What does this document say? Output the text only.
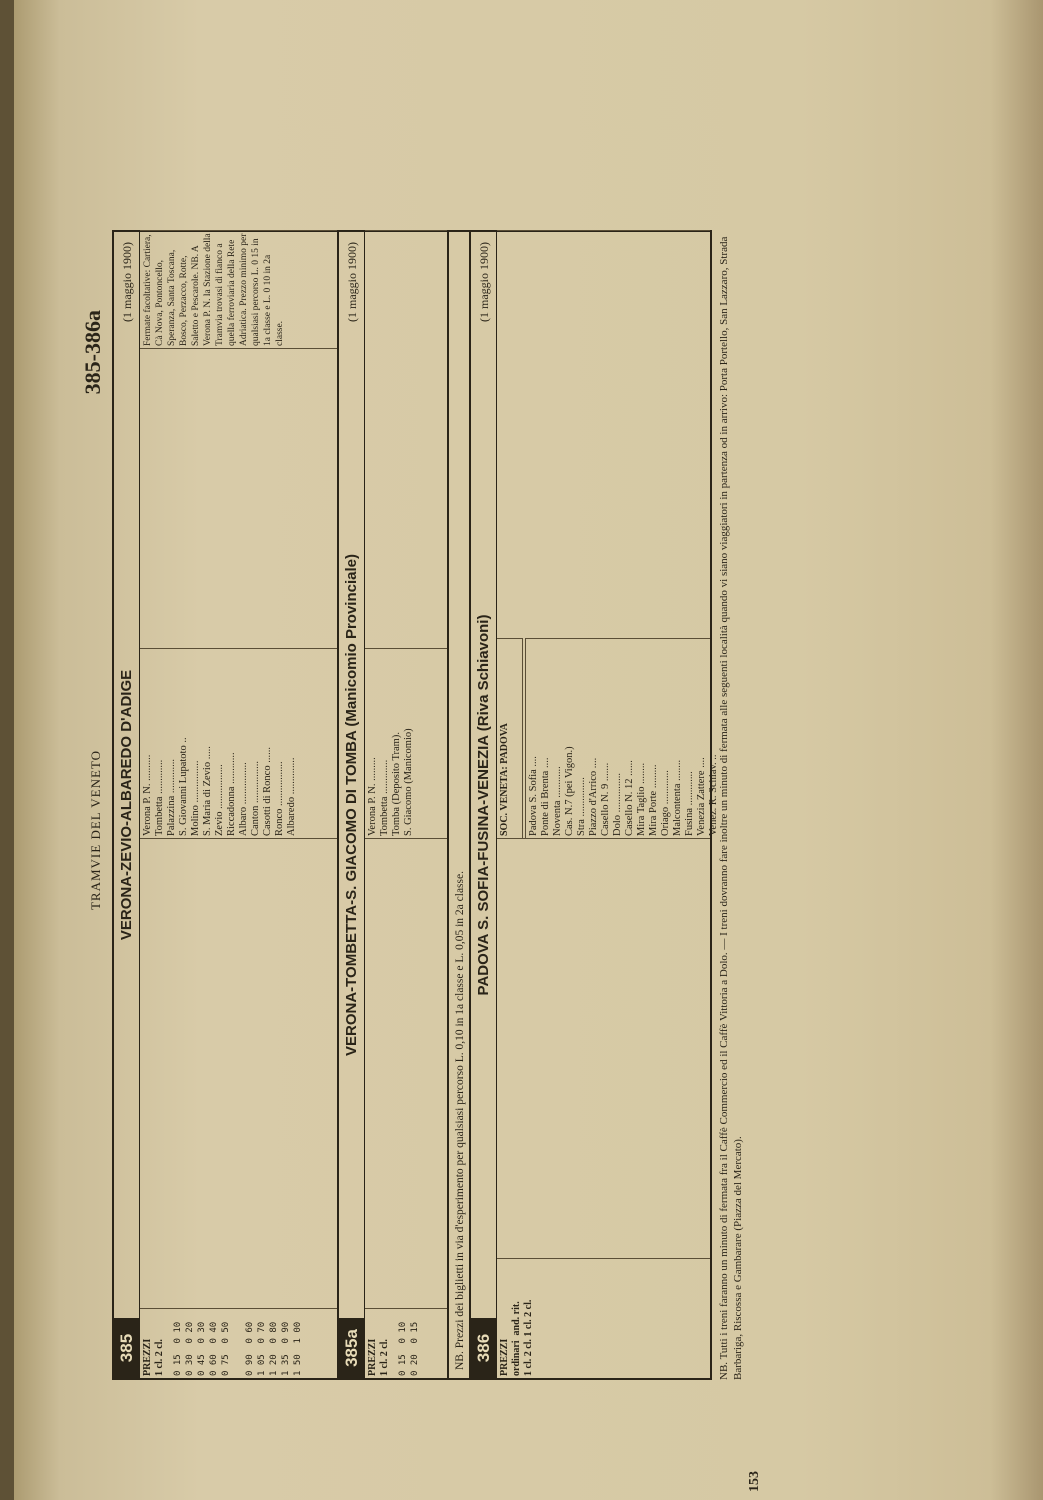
TRAMVIE DEL VENETO
385-386a
153
385
VERONA-ZEVIO-ALBAREDO D'ADIGE
(1 maggio 1900)
PREZZI
1 cl. 2 cl.
0 15  0 10
0 30  0 20
0 45  0 30
0 60  0 40
0 75  0 50

0 90  0 60
1 05  0 70
1 20  0 80
1 35  0 90
1 50  1 00
Verona P. N. ..........
Tombetta .............
Palazzina .............
S. Giovanni Lupatoto ..
Molino ................
S. Maria di Zevio .....
Zevio .................
Riccadonna ............
Albaro ................
Canton ................
Casotti di Ronco ......
Ronco .................
Albaredo ..............
Fermate facoltative: Cartiera, Cà Nova, Pontoncello, Speranza, Santa Toscana, Bosco, Perzacco, Rotte, Saletto e Pescarole. NB. A Verona P. N. la Stazione della Tramvia trovasi di fianco a quella ferroviaria della Rete Adriatica. Prezzo minimo per qualsiasi percorso L. 0 15 in 1a classe e L. 0 10 in 2a classe.
385a
VERONA-TOMBETTA-S. GIACOMO DI TOMBA (Manicomio Provinciale)
(1 maggio 1900)
PREZZI
1 cl. 2 cl.
0 15  0 10
0 20  0 15
Verona P. N. .........
Tombetta .............
Tomba (Deposito Tram).
S. Giacomo (Manicomio)
NB. Prezzi dei biglietti in via d'esperimento per qualsiasi percorso L. 0,10 in 1a classe e L. 0,05 in 2a classe. 386
PADOVA S. SOFIA-FUSINA-VENEZIA (Riva Schiavoni)
(1 maggio 1900)
PREZZI
ordinari  and. rit.
1 cl. 2 cl. 1 cl. 2 cl.
SOC. VENETA: PADOVA	Padova S. Sofia ....
Ponte di Brenta ....
Noventa ............
Cas. N.7 (pei Vigon.)
Stra ...............
Piazzo d'Arrico ....
Casello N. 9 .......
Dolo ...............
Casello N. 12 ......
Mira Taglio ........
Mira Porte .........
Oriago .............
Malcontenta ........
Fusina .............
Venezia Zattere ....
Venez. R. Schiav. .. NB. Tutti i treni faranno un minuto di fermata fra il Caffè Commercio ed il Caffè Vittoria a Dolo. — I treni dovranno fare inoltre un minuto di fermata alle seguenti località quando vi siano viaggiatori in partenza od in arrivo: Porta Portello, San Lazzaro, Strada Barbariga, Riscossa e Gambarare (Piazza del Mercato).
